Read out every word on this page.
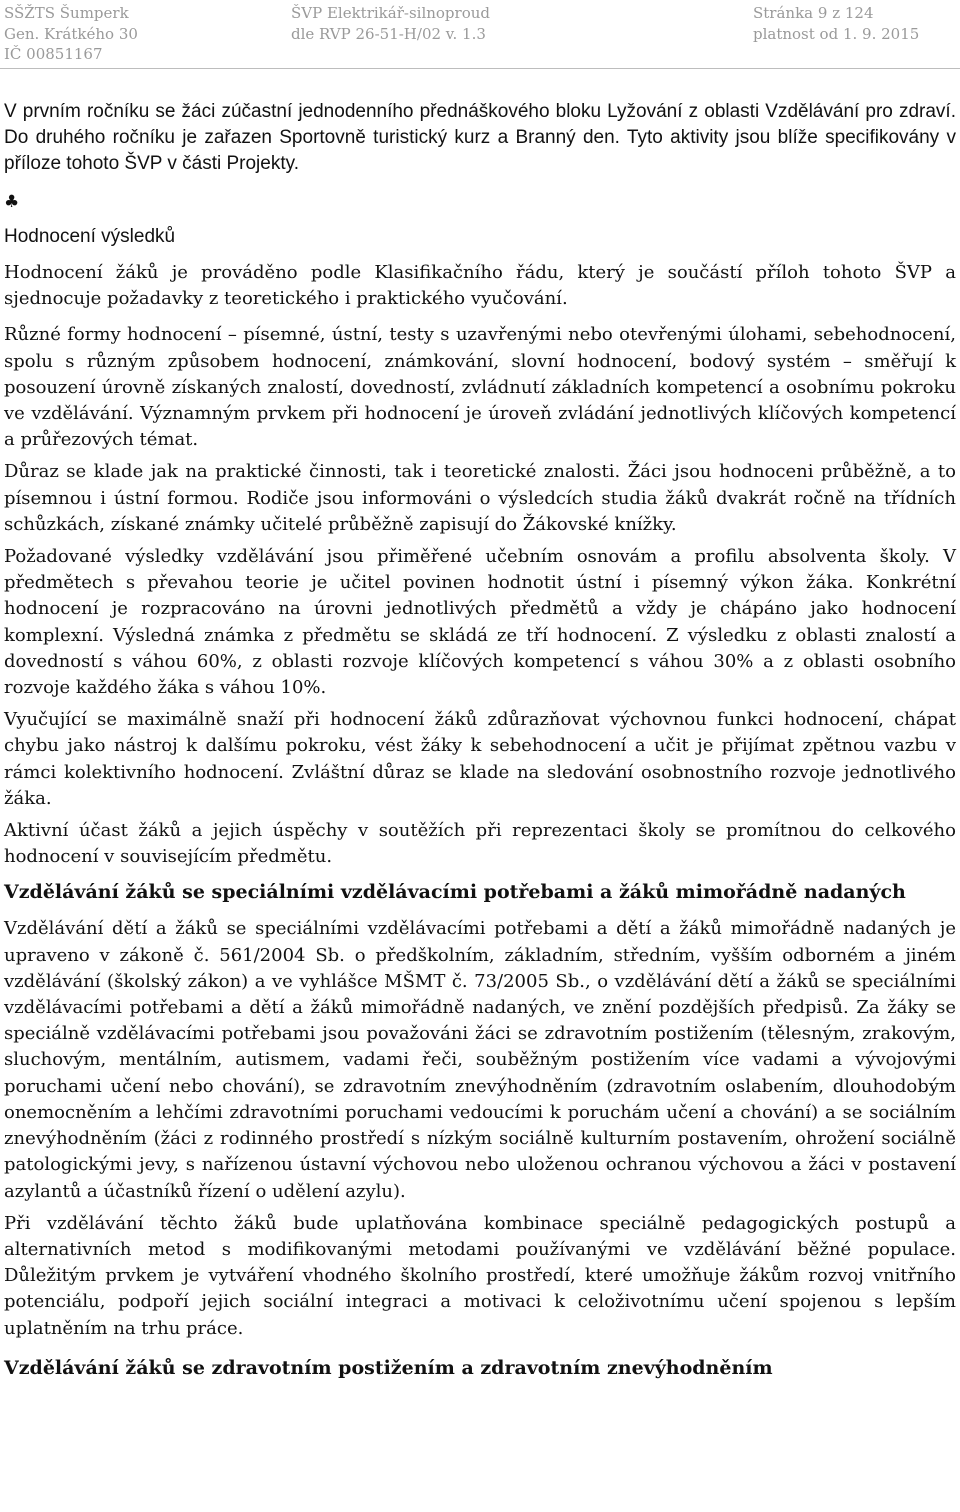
SŠŽTS Šumperk
Gen. Krátkého 30
IČ 00851167
ŠVP Elektrikář-silnoproud
dle RVP 26-51-H/02 v. 1.3
Stránka 9 z 124
platnost od 1. 9. 2015

V prvním ročníku se žáci zúčastní jednodenního přednáškového bloku Lyžování z oblasti Vzdělávání pro zdraví. Do druhého ročníku je zařazen Sportovně turistický kurz a Branný den. Tyto aktivity jsou blíže specifikovány v příloze tohoto ŠVP v části Projekty.

♣

Hodnocení výsledků

Hodnocení žáků je prováděno podle Klasifikačního řádu, který je součástí příloh tohoto ŠVP a sjednocuje požadavky z teoretického i praktického vyučování.

Různé formy hodnocení – písemné, ústní, testy s uzavřenými nebo otevřenými úlohami, sebehodnocení, spolu s různým způsobem hodnocení, známkování, slovní hodnocení, bodový systém – směřují k posouzení úrovně získaných znalostí, dovedností, zvládnutí základních kompetencí a osobnímu pokroku ve vzdělávání. Významným prvkem při hodnocení je úroveň zvládání jednotlivých klíčových kompetencí a průřezových témat.

Důraz se klade jak na praktické činnosti, tak i teoretické znalosti. Žáci jsou hodnoceni průběžně, a to písemnou i ústní formou. Rodiče jsou informováni o výsledcích studia žáků dvakrát ročně na třídních schůzkách, získané známky učitelé průběžně zapisují do Žákovské knížky.

Požadované výsledky vzdělávání jsou přiměřené učebním osnovám a profilu absolventa školy. V předmětech s převahou teorie je učitel povinen hodnotit ústní i písemný výkon žáka. Konkrétní hodnocení je rozpracováno na úrovni jednotlivých předmětů a vždy je chápáno jako hodnocení komplexní. Výsledná známka z předmětu se skládá ze tří hodnocení. Z výsledku z oblasti znalostí a dovedností s váhou 60%, z oblasti rozvoje klíčových kompetencí s váhou 30% a z oblasti osobního rozvoje každého žáka s váhou 10%.

Vyučující se maximálně snaží při hodnocení žáků zdůrazňovat výchovnou funkci hodnocení, chápat chybu jako nástroj k dalšímu pokroku, vést žáky k sebehodnocení a učit je přijímat zpětnou vazbu v rámci kolektivního hodnocení. Zvláštní důraz se klade na sledování osobnostního rozvoje jednotlivého žáka.

Aktivní účast žáků a jejich úspěchy v soutěžích při reprezentaci školy se promítnou do celkového hodnocení v souvisejícím předmětu.

Vzdělávání žáků se speciálními vzdělávacími potřebami a žáků mimořádně nadaných

Vzdělávání dětí a žáků se speciálními vzdělávacími potřebami a dětí a žáků mimořádně nadaných je upraveno v zákoně č. 561/2004 Sb. o předškolním, základním, středním, vyšším odborném a jiném vzdělávání (školský zákon) a ve vyhlášce MŠMT č. 73/2005 Sb., o vzdělávání dětí a žáků se speciálními vzdělávacími potřebami a dětí a žáků mimořádně nadaných, ve znění pozdějších předpisů. Za žáky se speciálně vzdělávacími potřebami jsou považováni žáci se zdravotním postižením (tělesným, zrakovým, sluchovým, mentálním, autismem, vadami řeči, souběžným postižením více vadami a vývojovými poruchami učení nebo chování), se zdravotním znevýhodněním (zdravotním oslabením, dlouhodobým onemocněním a lehčími zdravotními poruchami vedoucími k poruchám učení a chování) a se sociálním znevýhodněním (žáci z rodinného prostředí s nízkým sociálně kulturním postavením, ohrožení sociálně patologickými jevy, s nařízenou ústavní výchovou nebo uloženou ochranou výchovou a žáci v postavení azylantů a účastníků řízení o udělení azylu).

Při vzdělávání těchto žáků bude uplatňována kombinace speciálně pedagogických postupů a alternativních metod s modifikovanými metodami používanými ve vzdělávání běžné populace. Důležitým prvkem je vytváření vhodného školního prostředí, které umožňuje žákům rozvoj vnitřního potenciálu, podpoří jejich sociální integraci a motivaci k celoživotnímu učení spojenou s lepším uplatněním na trhu práce.

Vzdělávání žáků se zdravotním postižením a zdravotním znevýhodněním
